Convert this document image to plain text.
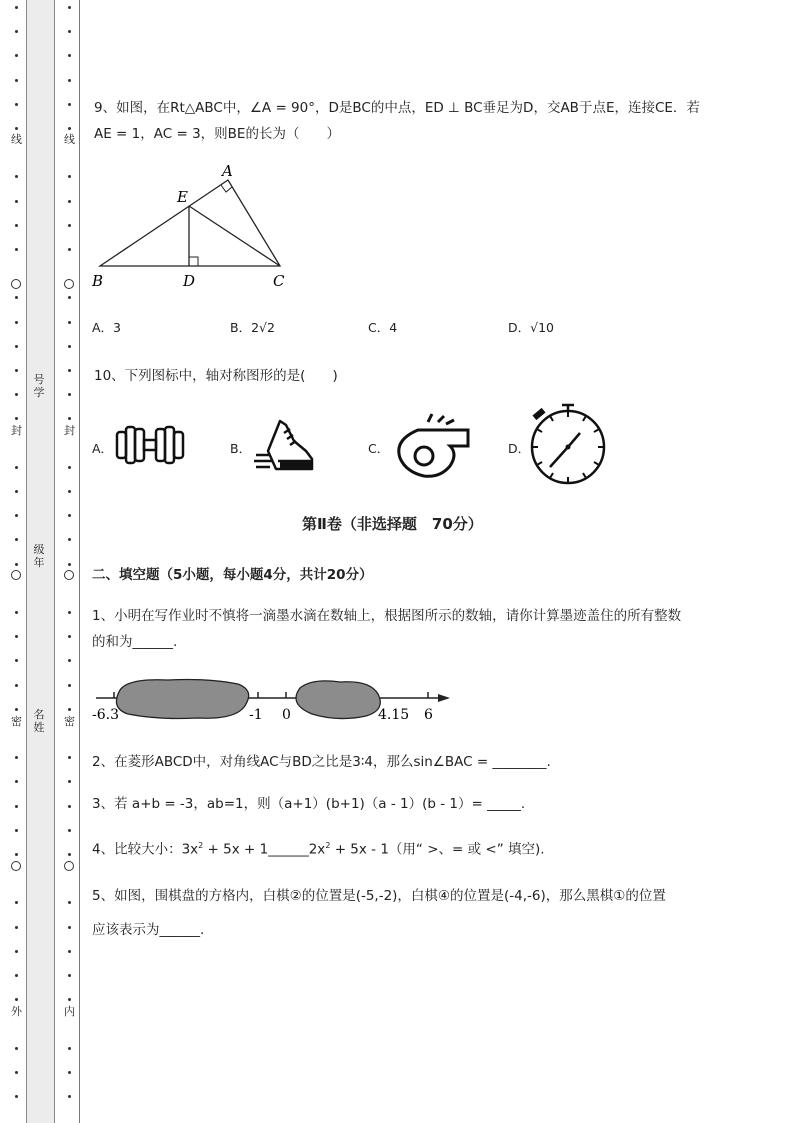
线
封
密
外
线
封
密
内
号学
级年
名姓
9、如图，在Rt△ABC中，∠A = 90°，D是BC的中点，ED ⊥ BC垂足为D，交AB于点E，连接CE．若
AE = 1，AC = 3，则BE的长为（　　）
A
E
B	D	C
A．3	B．2√2	C．4	D．√10
10、下列图标中，轴对称图形的是(　　)
A．	B．	C．	D．
第Ⅱ卷（非选择题　70分）
二、填空题（5小题，每小题4分，共计20分）
1、小明在写作业时不慎将一滴墨水滴在数轴上，根据图所示的数轴，请你计算墨迹盖住的所有整数
的和为______.
-6.3	-1 0	4.15 6
2、在菱形ABCD中，对角线AC与BD之比是3∶4，那么sin∠BAC = ________.
3、若 a+b = -3，ab=1，则（a+1）(b+1)（a - 1）(b - 1）= _____.
4、比较大小：$3x^2 + 5x$ + $1\_\_\_\_\_\_2x^2 + 5x - 1$（用“ >、= 或 <” 填空).
5、如图，围棋盘的方格内，白棋②的位置是(-5,-2)，白棋④的位置是(-4,-6)，那么黑棋①的位置
应该表示为______.
